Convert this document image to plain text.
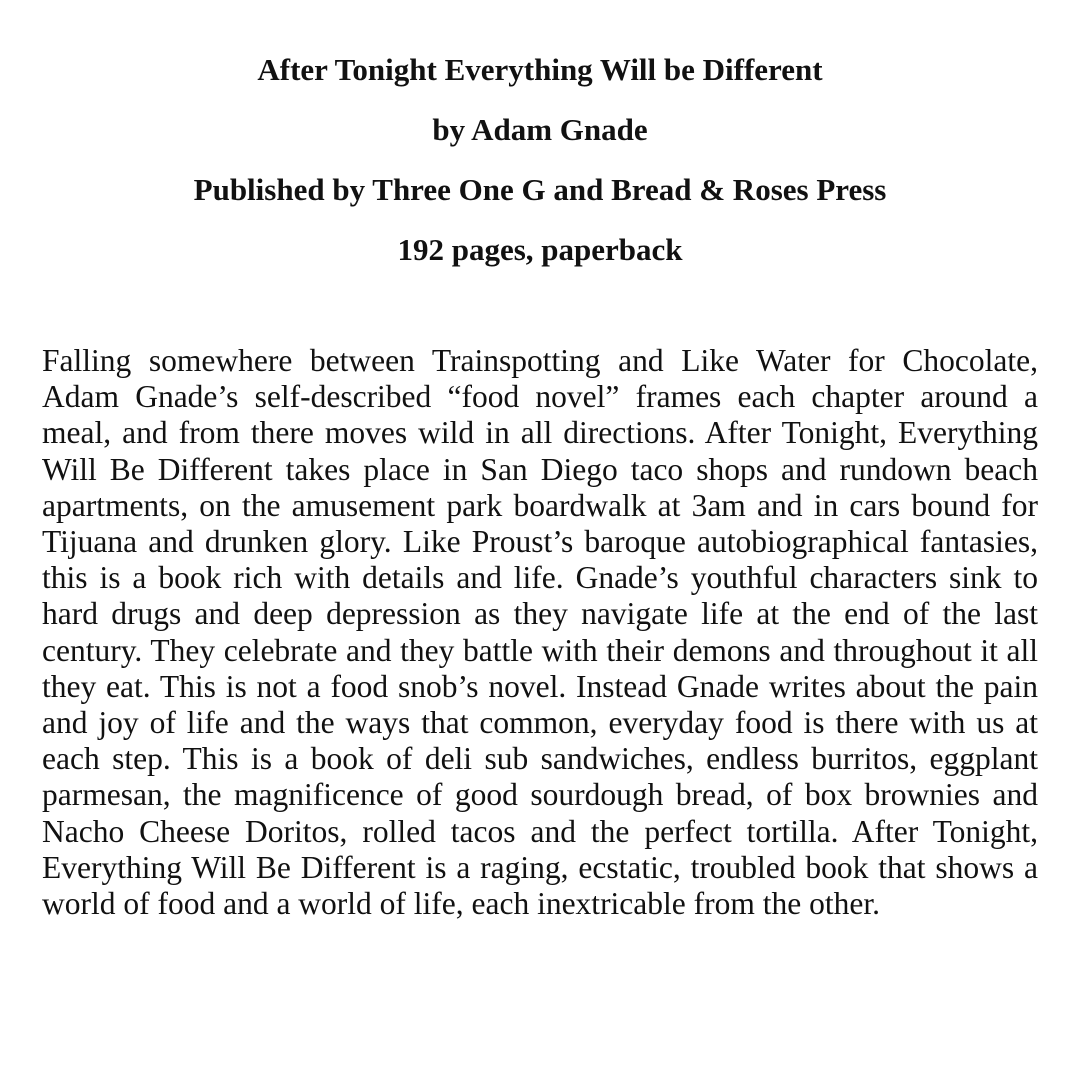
After Tonight Everything Will be Different
by Adam Gnade
Published by Three One G and Bread & Roses Press
192 pages, paperback

Falling somewhere between Trainspotting and Like Water for Chocolate, Adam Gnade’s self-described “food novel” frames each chapter around a meal, and from there moves wild in all directions. After Tonight, Everything Will Be Different takes place in San Diego taco shops and rundown beach apartments, on the amusement park boardwalk at 3am and in cars bound for Tijuana and drunken glory. Like Proust’s baroque autobiographical fantasies, this is a book rich with details and life. Gnade’s youthful characters sink to hard drugs and deep depression as they navigate life at the end of the last century. They celebrate and they battle with their demons and throughout it all they eat. This is not a food snob’s novel. Instead Gnade writes about the pain and joy of life and the ways that common, everyday food is there with us at each step. This is a book of deli sub sandwiches, endless burritos, eggplant parmesan, the magnificence of good sourdough bread, of box brownies and Nacho Cheese Doritos, rolled tacos and the perfect tortilla. After Tonight, Everything Will Be Different is a raging, ecstatic, troubled book that shows a world of food and a world of life, each inextricable from the other.
